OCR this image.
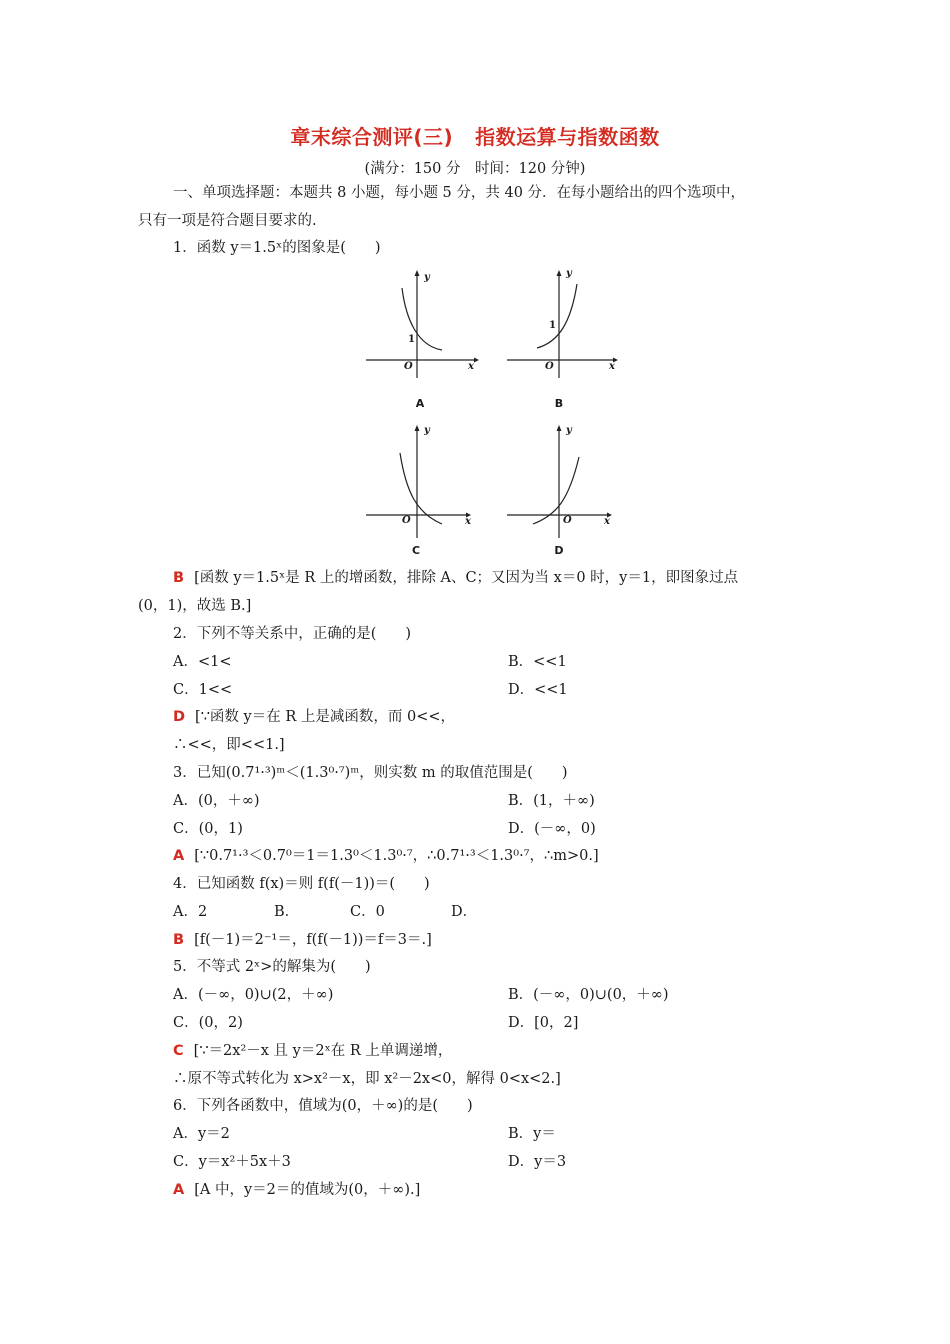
章末综合测评(三) 指数运算与指数函数
(满分：150 分　时间：120 分钟)
一、单项选择题：本题共 8 小题，每小题 5 分，共 40 分．在每小题给出的四个选项中，
只有一项是符合题目要求的.
1．函数 y＝1.5ˣ的图象是(　　)
y
x
O
1
A
y
x
O
1
B
y
x
O
C
y
x
O
D
B [函数 y＝1.5ˣ是 R 上的增函数，排除 A、C；又因为当 x＝0 时，y＝1，即图象过点
(0，1)，故选 B.]
2．下列不等关系中，正确的是(　　)
A．<1<	B．<<1
C．1<<	D．<<1
D [∵函数 y＝在 R 上是减函数，而 0<<，
∴<<，即<<1.]
3．已知(0.7¹·³)ᵐ＜(1.3⁰·⁷)ᵐ，则实数 m 的取值范围是(　　)
A．(0，＋∞)	B．(1，＋∞)
C．(0，1)	D．(－∞，0)
A [∵0.7¹·³＜0.7⁰＝1＝1.3⁰＜1.3⁰·⁷，∴0.7¹·³＜1.3⁰·⁷，∴m>0.]
4．已知函数 f(x)＝则 f(f(－1))＝(　　)
A．2	B．	C．0	D．
B [f(－1)＝2⁻¹＝，f(f(－1))＝f＝3＝.]
5．不等式 2ˣ>的解集为(　　)
A．(－∞，0)∪(2，＋∞)	B．(－∞，0)∪(0，＋∞)
C．(0，2)	D．[0，2]
C [∵＝2x²－x 且 y＝2ˣ在 R 上单调递增，
∴原不等式转化为 x>x²－x，即 x²－2x<0，解得 0<x<2.]
6．下列各函数中，值域为(0，＋∞)的是(　　)
A．y＝2	B．y＝
C．y＝x²＋5x＋3	D．y＝3
A [A 中，y＝2＝的值域为(0，＋∞).]
